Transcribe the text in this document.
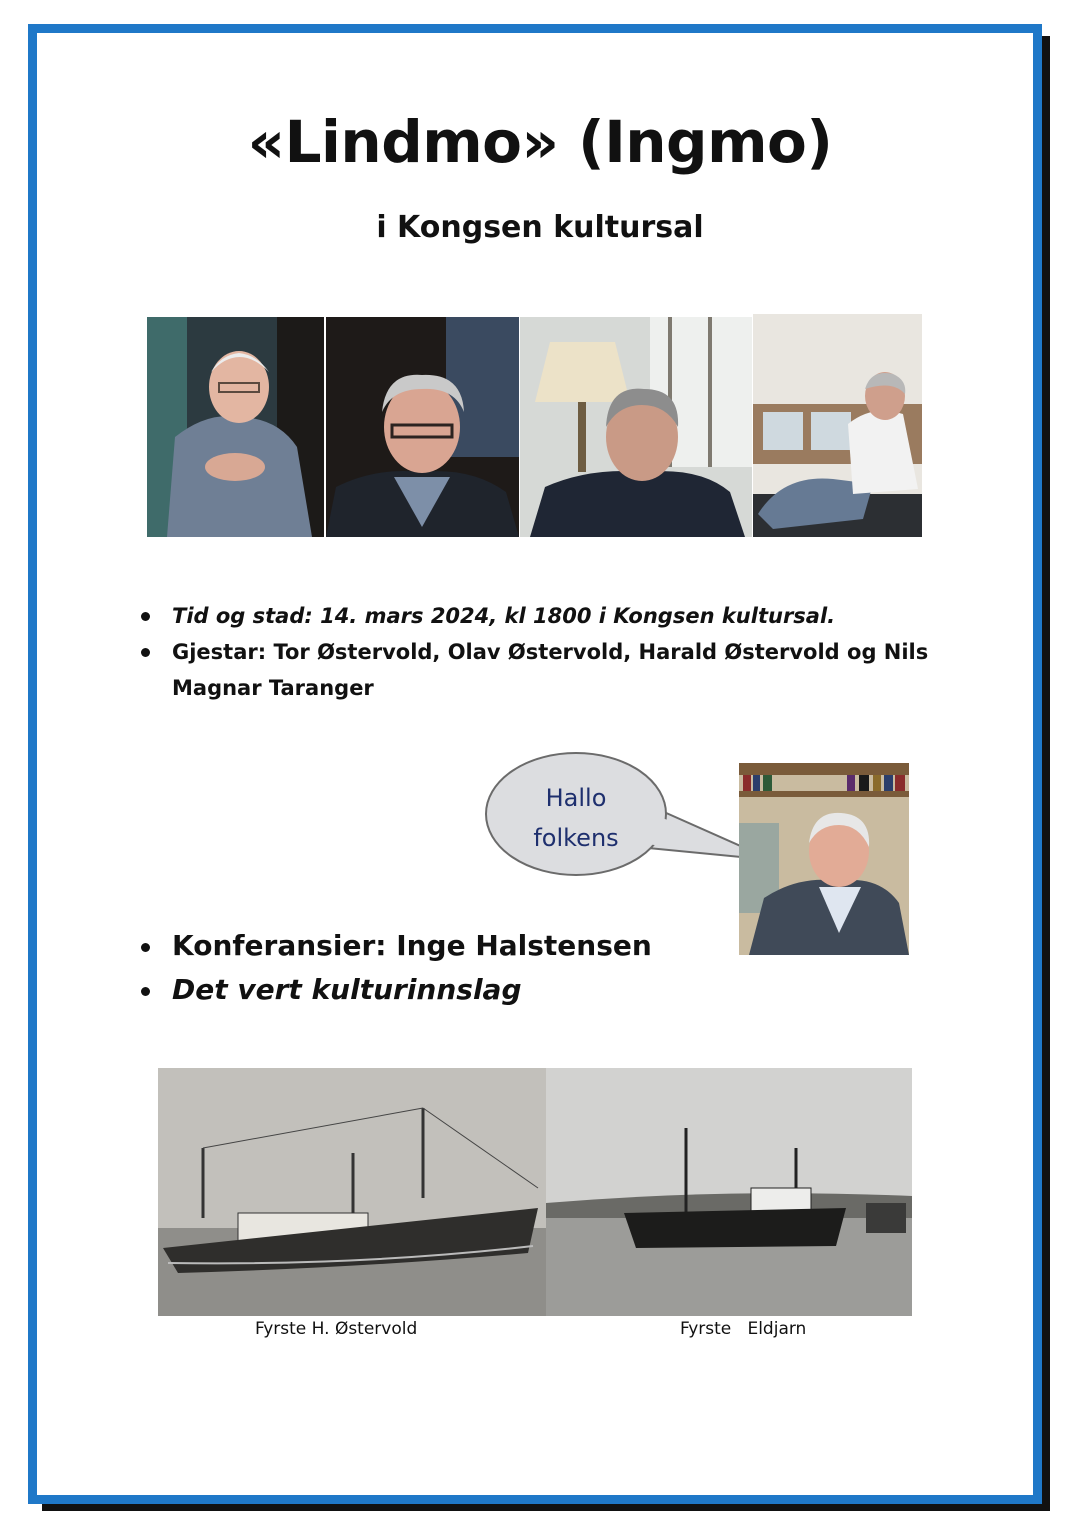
«Lindmo» (Ingmo)
i Kongsen kultursal
Tid og stad: 14. mars 2024, kl 1800 i Kongsen kultursal.
Gjestar: Tor Østervold, Olav Østervold, Harald Østervold og Nils Magnar Taranger
Hallo
folkens
Konferansier: Inge Halstensen
Det vert kulturinnslag
Fyrste H. Østervold	Fyrste   Eldjarn
